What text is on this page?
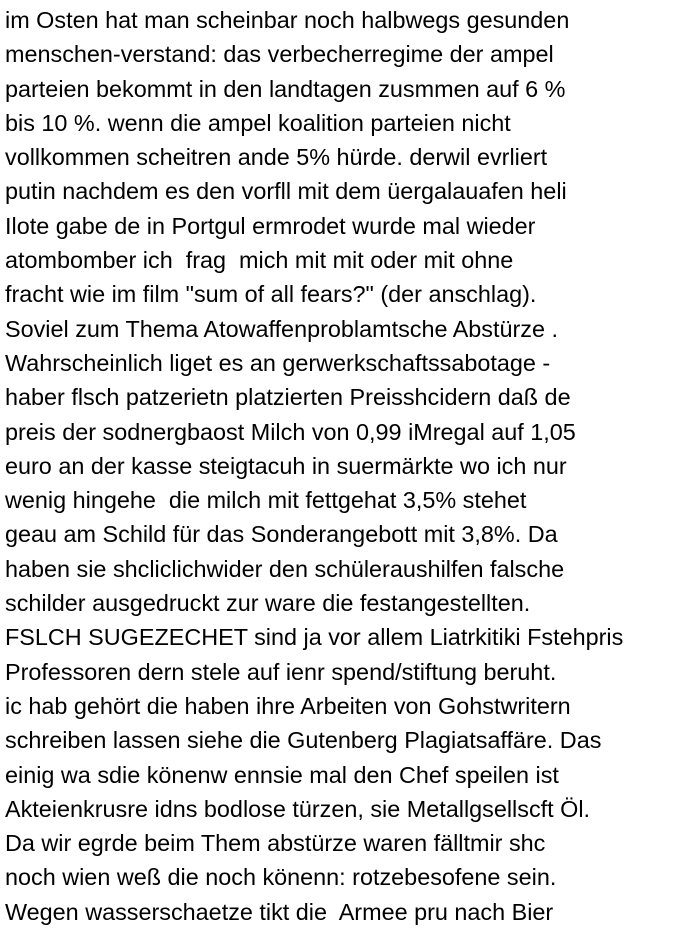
im Osten hat man scheinbar noch halbwegs gesunden
menschen-verstand: das verbecherregime der ampel
parteien bekommt in den landtagen zusmmen auf 6 %
bis 10 %. wenn die ampel koalition parteien nicht
vollkommen scheitren ande 5% hürde. derwil evrliert
putin nachdem es den vorfll mit dem üergalauafen heli
Ilote gabe de in Portgul ermrodet wurde mal wieder
atombomber ich  frag  mich mit mit oder mit ohne
fracht wie im film "sum of all fears?" (der anschlag).
Soviel zum Thema Atowaffenproblamtsche Abstürze .
Wahrscheinlich liget es an gerwerkschaftssabotage -
haber flsch patzerietn platzierten Preisshcidern daß de
preis der sodnergbaost Milch von 0,99 iMregal auf 1,05
euro an der kasse steigtacuh in suermärkte wo ich nur
wenig hingehe  die milch mit fettgehat 3,5% stehet
geau am Schild für das Sonderangebott mit 3,8%. Da
haben sie shcliclichwider den schüleraushilfen falsche
schilder ausgedruckt zur ware die festangestellten.
FSLCH SUGEZECHET sind ja vor allem Liatrkitiki Fstehpris
Professoren dern stele auf ienr spend/stiftung beruht.
ic hab gehört die haben ihre Arbeiten von Gohstwritern
schreiben lassen siehe die Gutenberg Plagiatsaffäre. Das
einig wa sdie könenw ennsie mal den Chef speilen ist
Akteienkrusre idns bodlose türzen, sie Metallgsellscft Öl.
Da wir egrde beim Them abstürze waren fälltmir shc
noch wien weß die noch könenn: rotzebesofene sein.
Wegen wasserschaetze tikt die  Armee pru nach Bier
